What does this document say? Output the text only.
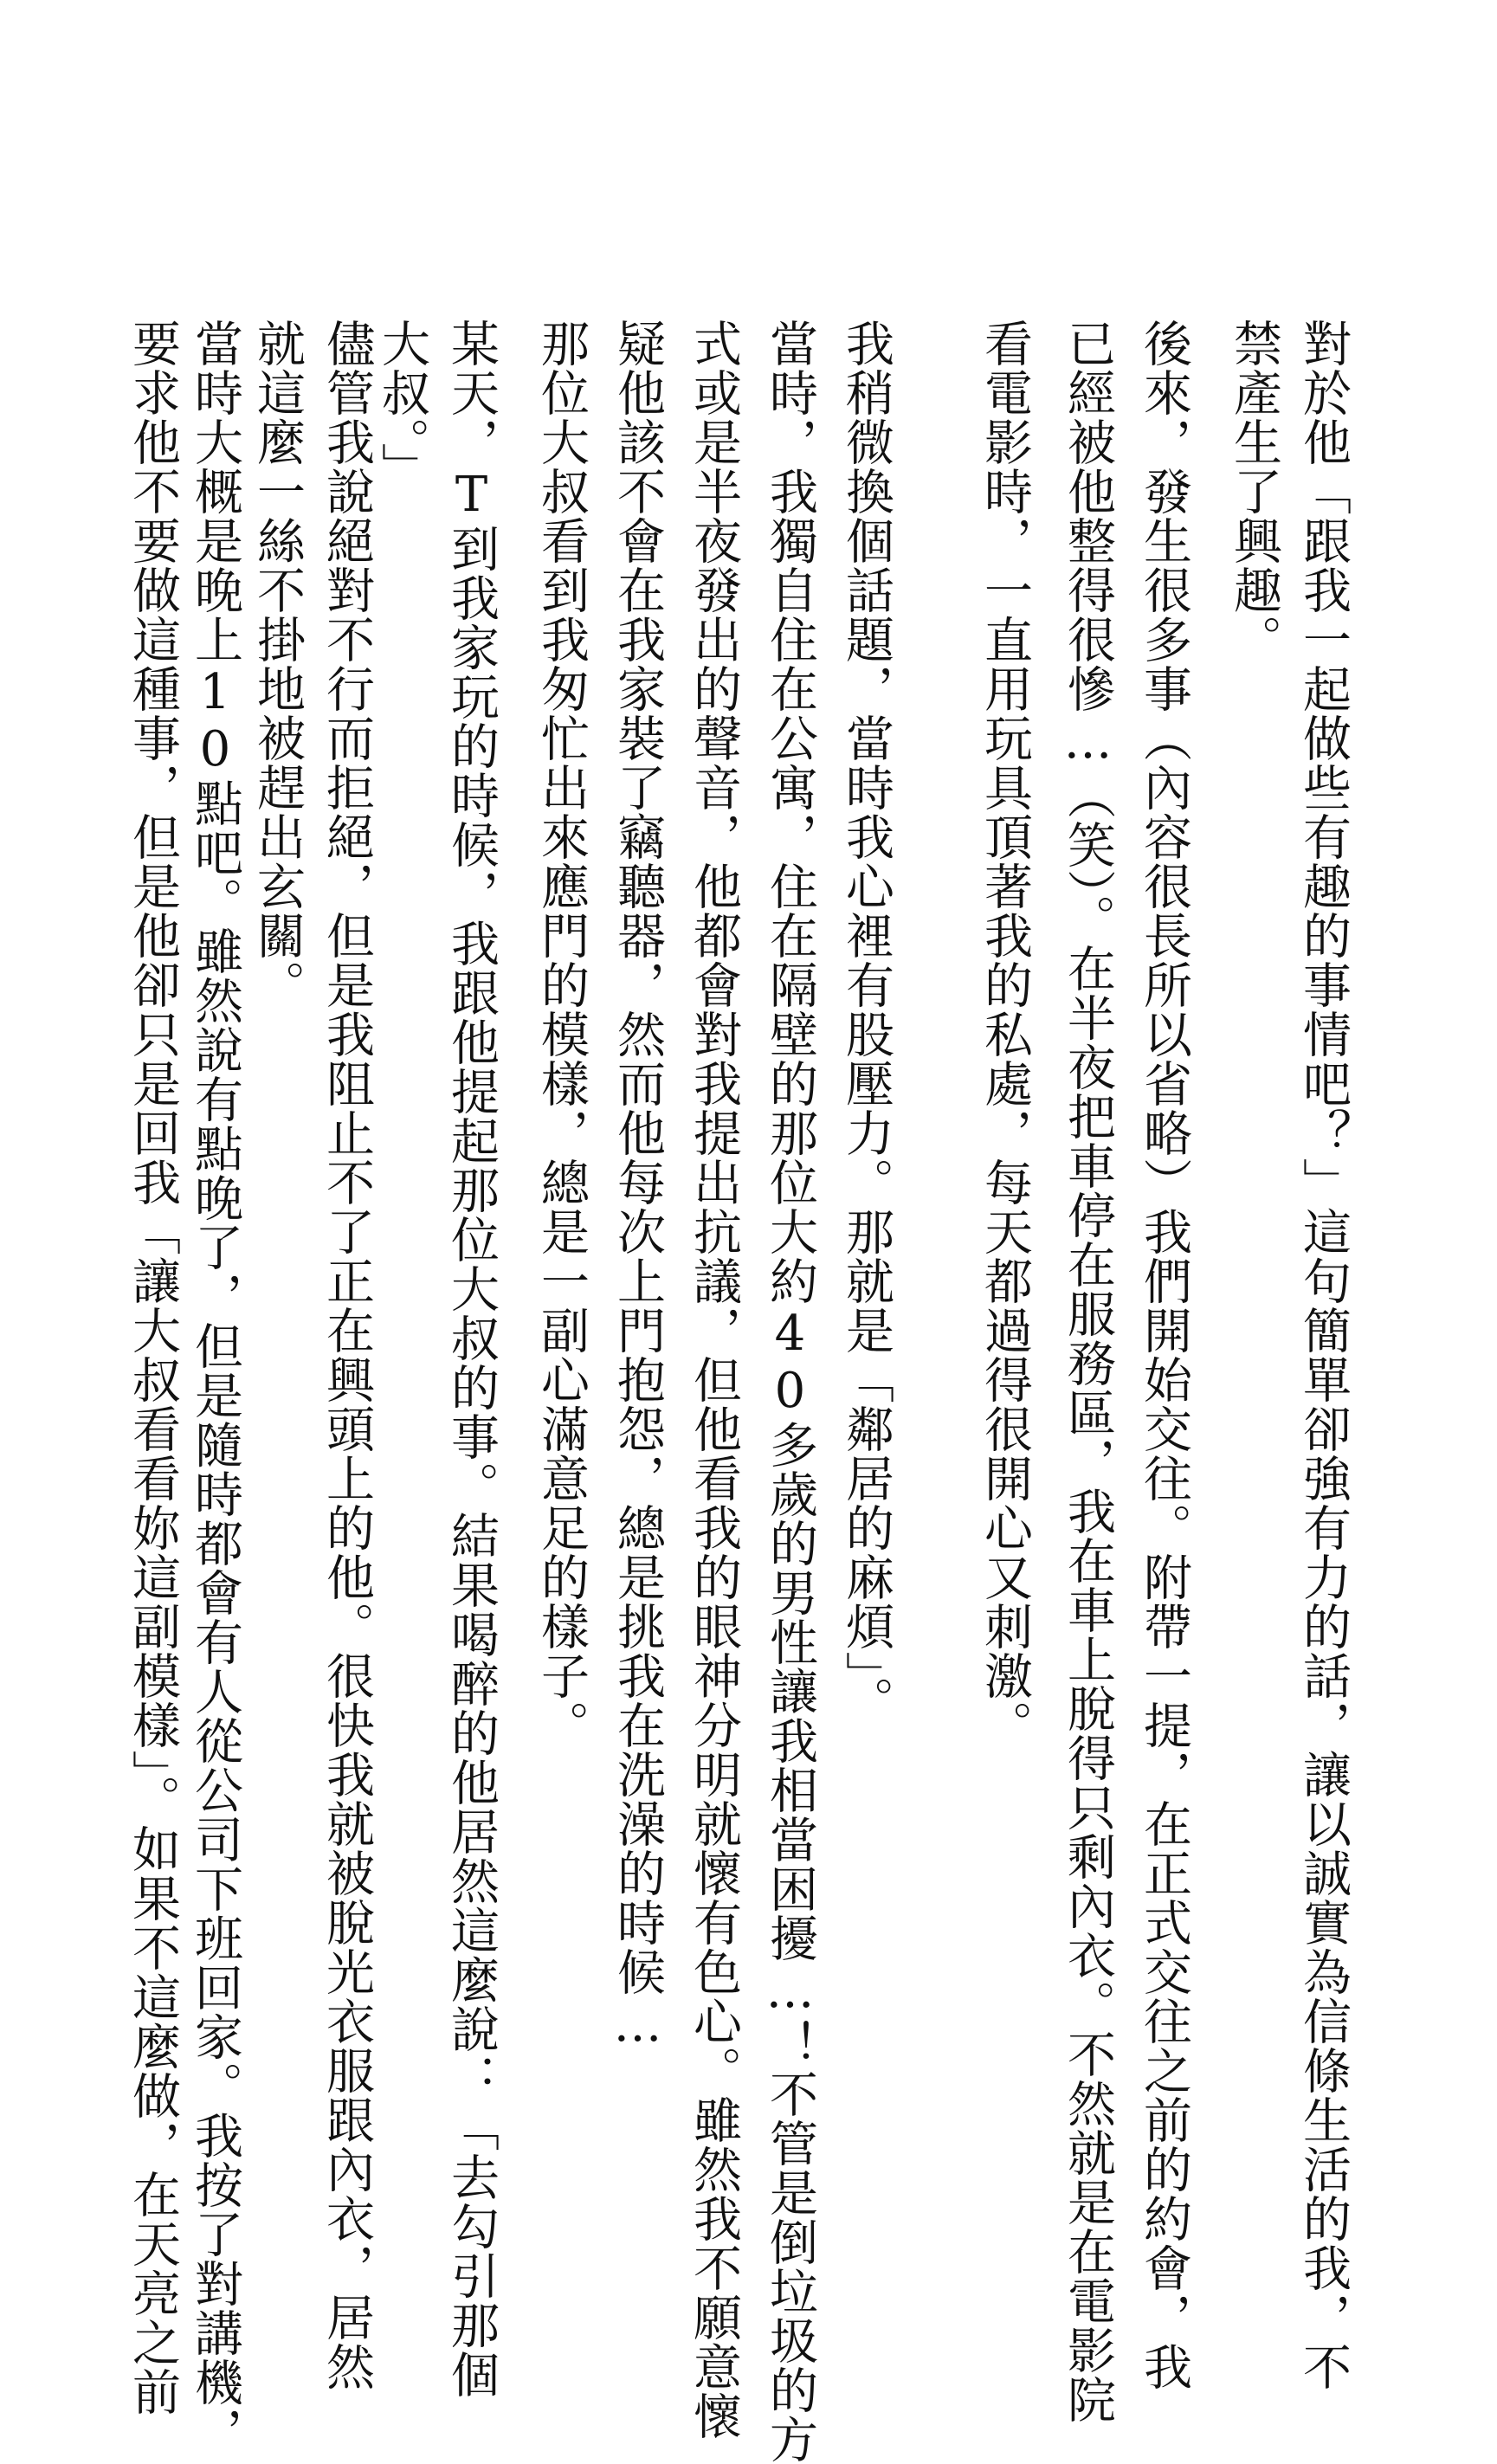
對於他「跟我一起做些有趣的事情吧？」這句簡單卻強有力的話，讓以誠實為信條生活的我，不
禁產生了興趣。
後來，發生很多事（內容很長所以省略）我們開始交往。附帶一提，在正式交往之前的約會，我
已經被他整得很慘…（笑）。在半夜把車停在服務區，我在車上脫得只剩內衣。不然就是在電影院
看電影時，一直用玩具頂著我的私處，每天都過得很開心又刺激。
我稍微換個話題，當時我心裡有股壓力。那就是「鄰居的麻煩」。
當時，我獨自住在公寓，住在隔壁的那位大約40多歲的男性讓我相當困擾…！不管是倒垃圾的方
式或是半夜發出的聲音，他都會對我提出抗議，但他看我的眼神分明就懷有色心。雖然我不願意懷
疑他該不會在我家裝了竊聽器，然而他每次上門抱怨，總是挑我在洗澡的時候…
那位大叔看到我匆忙出來應門的模樣，總是一副心滿意足的樣子。
某天，T到我家玩的時候，我跟他提起那位大叔的事。結果喝醉的他居然這麼說：「去勾引那個
大叔。」
儘管我說絕對不行而拒絕，但是我阻止不了正在興頭上的他。很快我就被脫光衣服跟內衣，居然
就這麼一絲不掛地被趕出玄關。
當時大概是晚上10點吧。雖然說有點晚了，但是隨時都會有人從公司下班回家。我按了對講機，
要求他不要做這種事，但是他卻只是回我「讓大叔看看妳這副模樣」。如果不這麼做，在天亮之前
